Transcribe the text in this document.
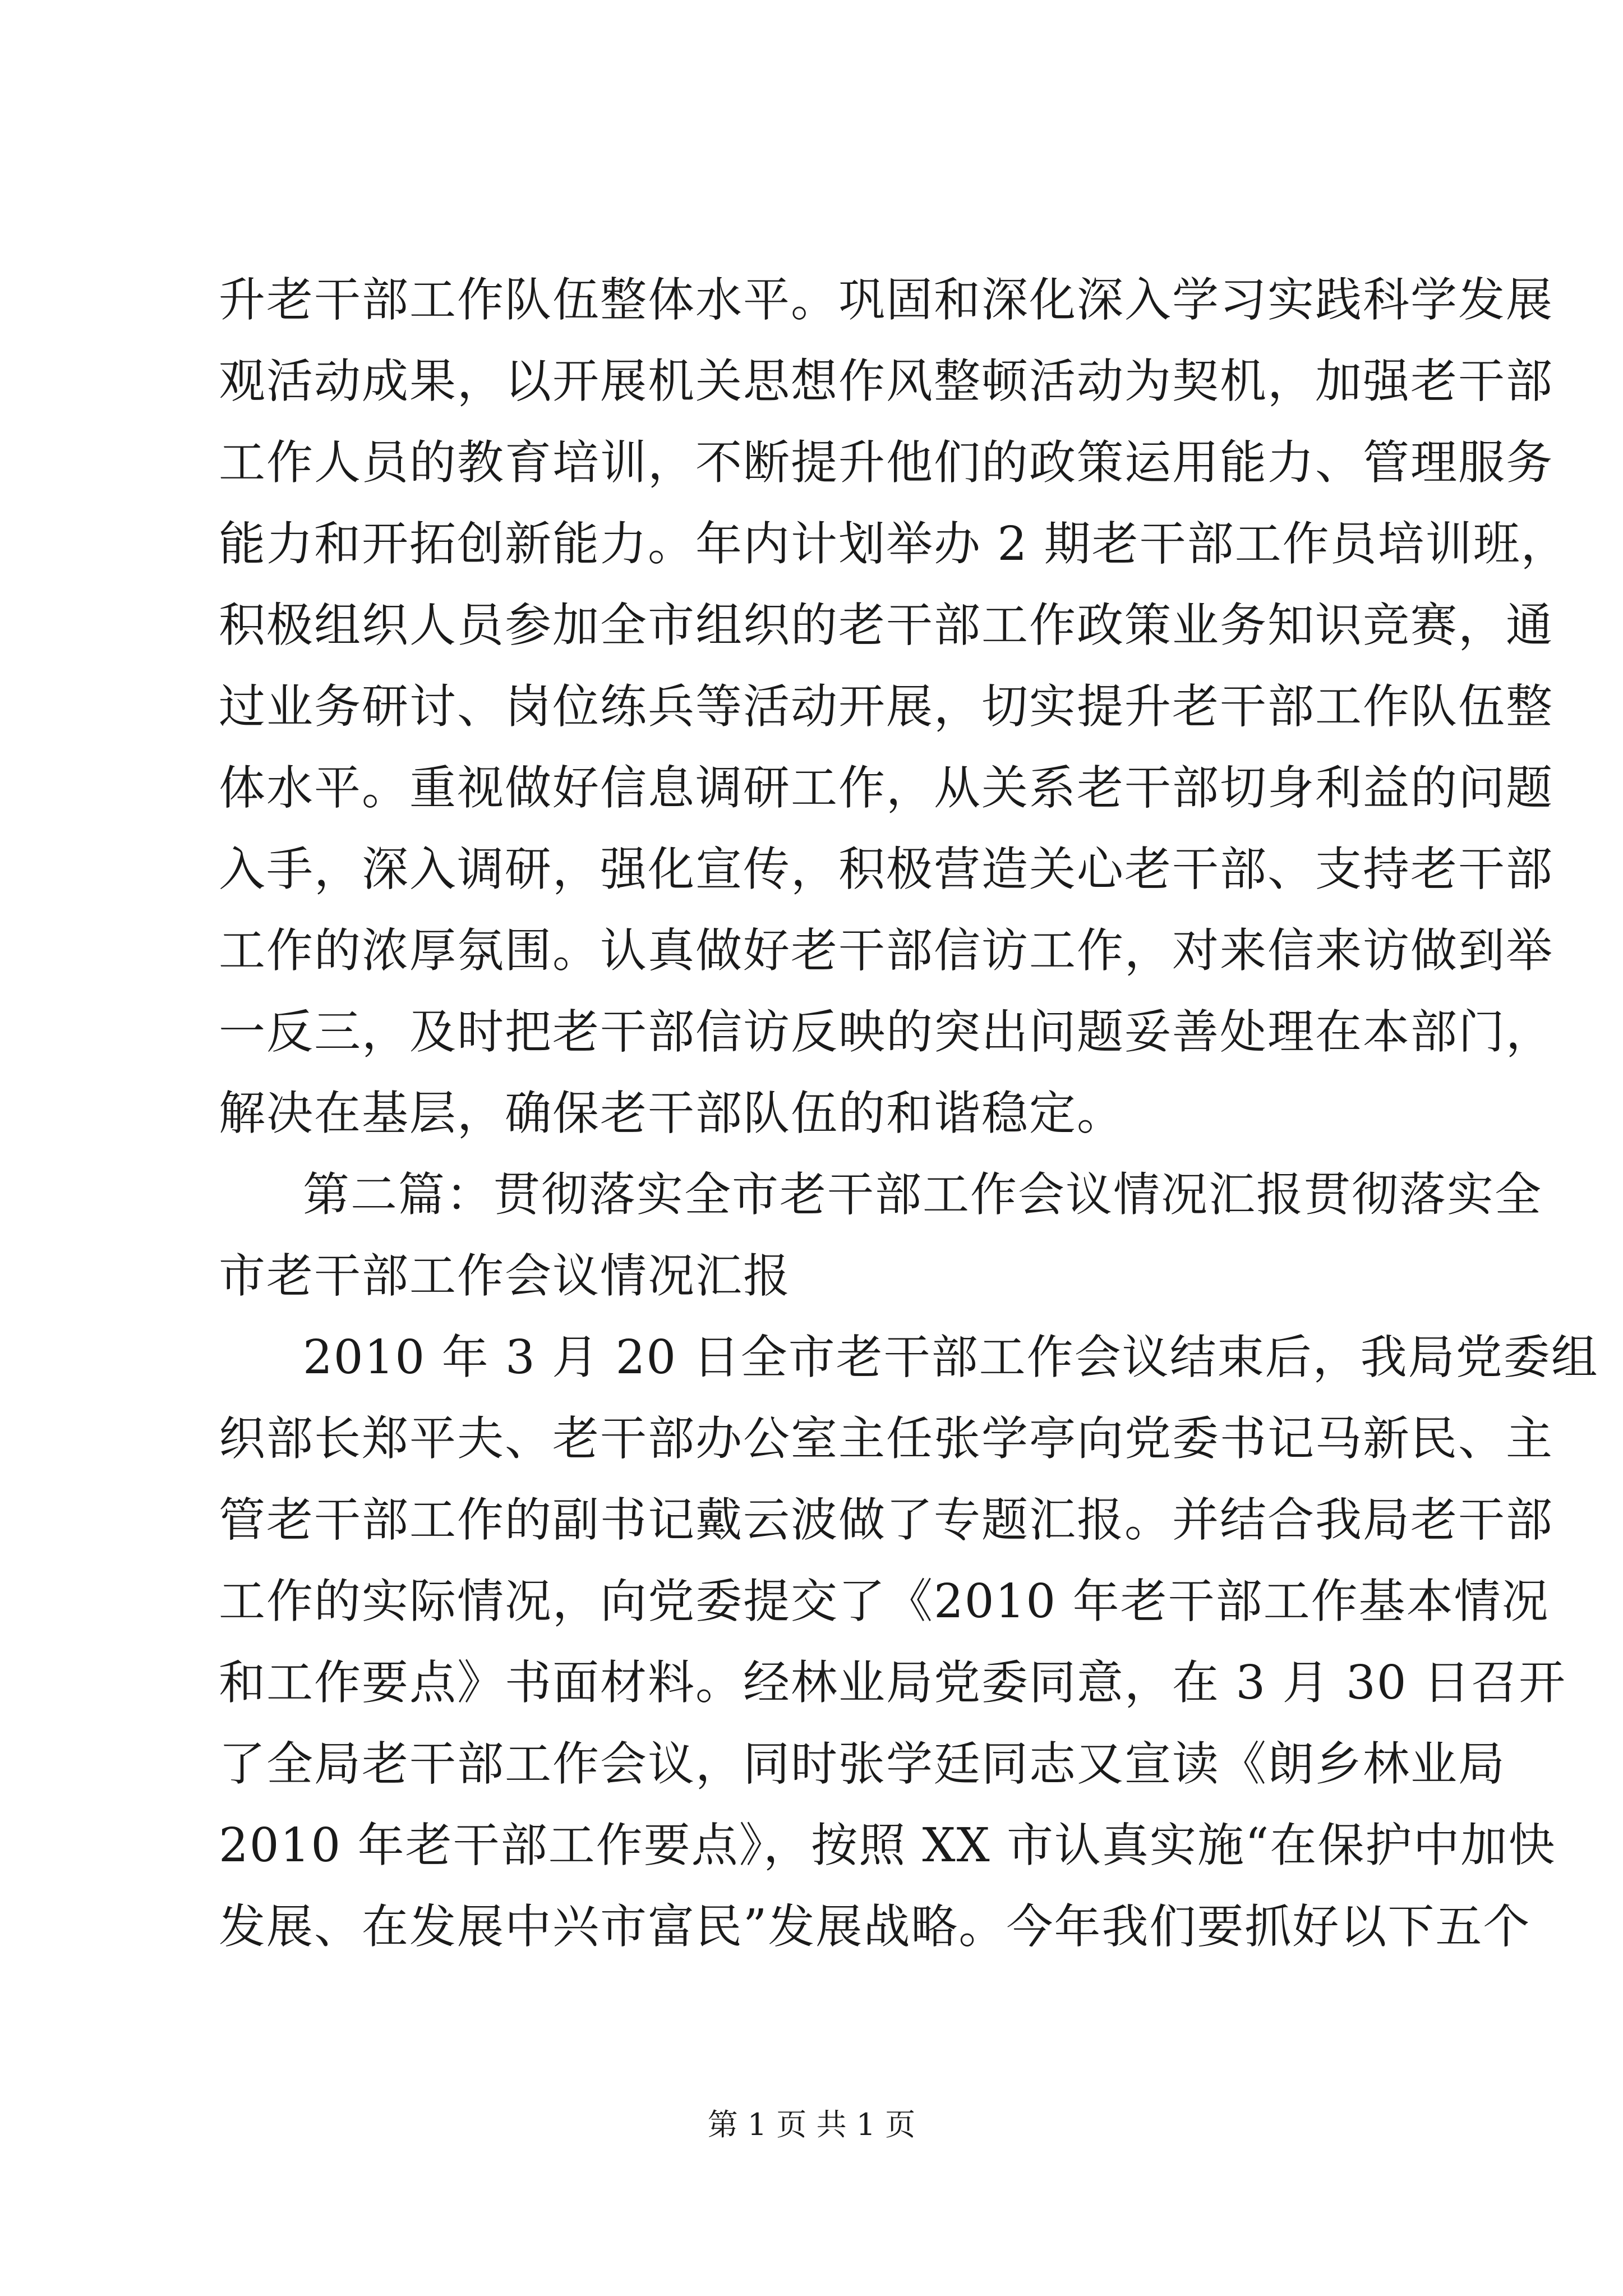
升老干部工作队伍整体水平。巩固和深化深入学习实践科学发展
观活动成果，以开展机关思想作风整顿活动为契机，加强老干部
工作人员的教育培训，不断提升他们的政策运用能力、管理服务
能力和开拓创新能力。年内计划举办 2 期老干部工作员培训班，
积极组织人员参加全市组织的老干部工作政策业务知识竞赛，通
过业务研讨、岗位练兵等活动开展，切实提升老干部工作队伍整
体水平。重视做好信息调研工作，从关系老干部切身利益的问题
入手，深入调研，强化宣传，积极营造关心老干部、支持老干部
工作的浓厚氛围。认真做好老干部信访工作，对来信来访做到举
一反三，及时把老干部信访反映的突出问题妥善处理在本部门，
解决在基层，确保老干部队伍的和谐稳定。
第二篇：贯彻落实全市老干部工作会议情况汇报贯彻落实全
市老干部工作会议情况汇报
2010 年 3 月 20 日全市老干部工作会议结束后，我局党委组
织部长郑平夫、老干部办公室主任张学亭向党委书记马新民、主
管老干部工作的副书记戴云波做了专题汇报。并结合我局老干部
工作的实际情况，向党委提交了《2010 年老干部工作基本情况
和工作要点》书面材料。经林业局党委同意，在 3 月 30 日召开
了全局老干部工作会议，同时张学廷同志又宣读《朗乡林业局
2010 年老干部工作要点》，按照 XX 市认真实施“在保护中加快
发展、在发展中兴市富民”发展战略。今年我们要抓好以下五个
第 1 页 共 1 页
